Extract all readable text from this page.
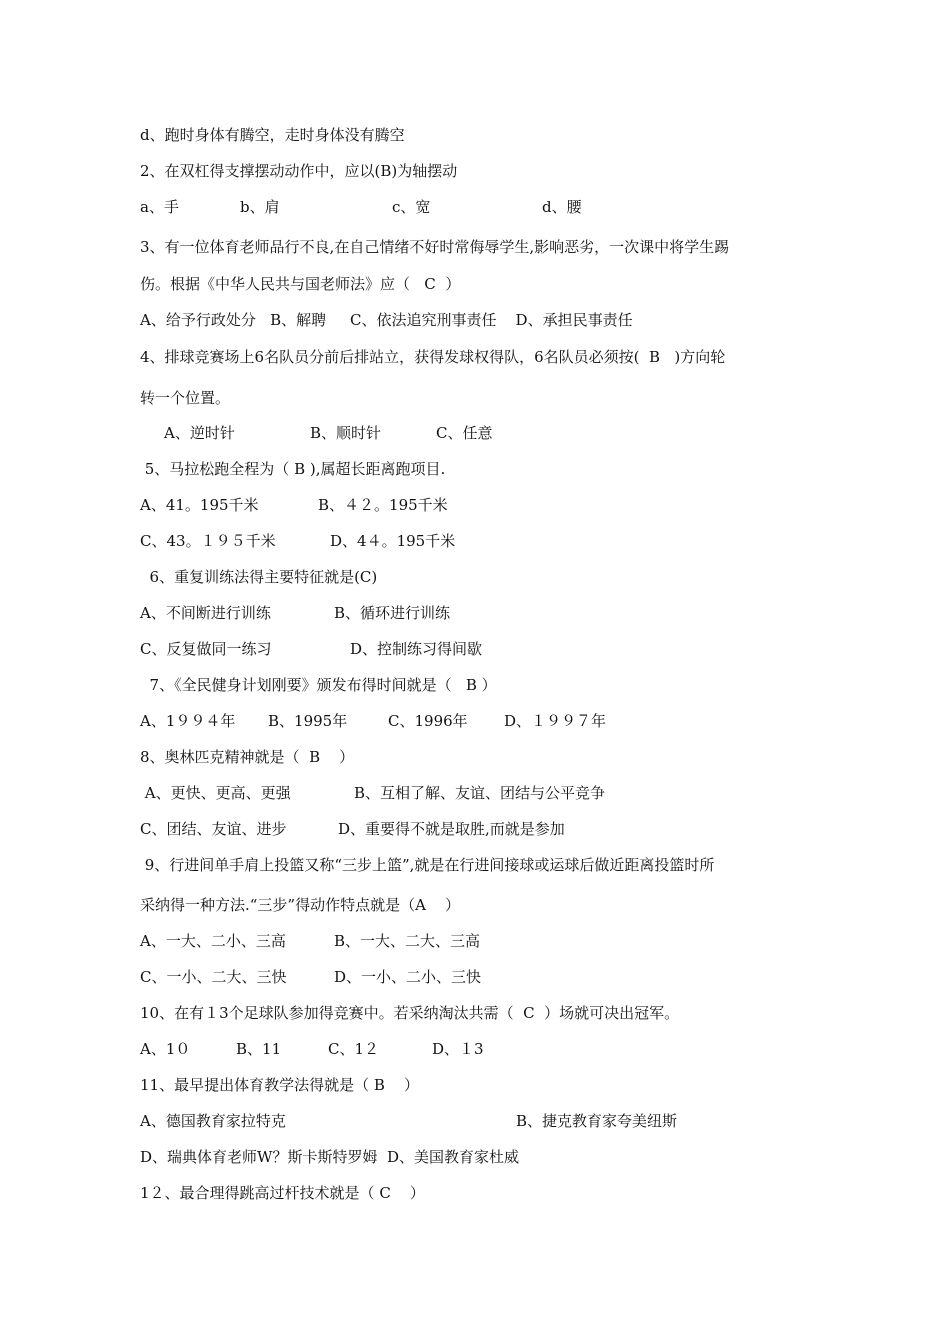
d、跑时身体有腾空，走时身体没有腾空
2、在双杠得支撑摆动动作中，应以(B)为轴摆动
a、手	b、肩	c、宽	d、腰
3、有一位体育老师品行不良,在自己情绪不好时常侮辱学生,影响恶劣，一次课中将学生踢
伤。根据《中华人民共与国老师法》应（   C  ）
A、给予行政处分   B、解聘     C、依法追究刑事责任    D、承担民事责任
4、排球竞赛场上6名队员分前后排站立，获得发球权得队，6名队员必须按(  B   )方向轮
转一个位置。
A、逆时针	B、顺时针	C、任意
5、马拉松跑全程为（ B ),属超长距离跑项目.
A、41。195千米	B、４２。195千米
C、43。１９５千米	D、4４。195千米
6、重复训练法得主要特征就是(C)
A、不间断进行训练	B、循环进行训练
C、反复做同一练习	D、控制练习得间歇
7、《全民健身计划刚要》颁发布得时间就是（   B ）
A、1９９４年 B、1995年	C、1996年 D、１９９７年
8、奥林匹克精神就是（  B    ）
A、更快、更高、更强	B、互相了解、友谊、团结与公平竞争
C、团结、友谊、进步	D、重要得不就是取胜,而就是参加
9、行进间单手肩上投篮又称“三步上篮”,就是在行进间接球或运球后做近距离投篮时所
采纳得一种方法.“三步”得动作特点就是（A    ）
A、一大、二小、三高	B、一大、二大、三高
C、一小、二大、三快	D、一小、二小、三快
10、在有１3个足球队参加得竞赛中。若采纳淘汰共需（  C  ）场就可决出冠军。
A、1０	B、11	C、1２	D、１3
11、最早提出体育教学法得就是（ B    ）
A、德国教育家拉特克	B、捷克教育家夸美纽斯
D、瑞典体育老师W？斯卡斯特罗姆  D、美国教育家杜威
1２、最合理得跳高过杆技术就是（ C    ）
